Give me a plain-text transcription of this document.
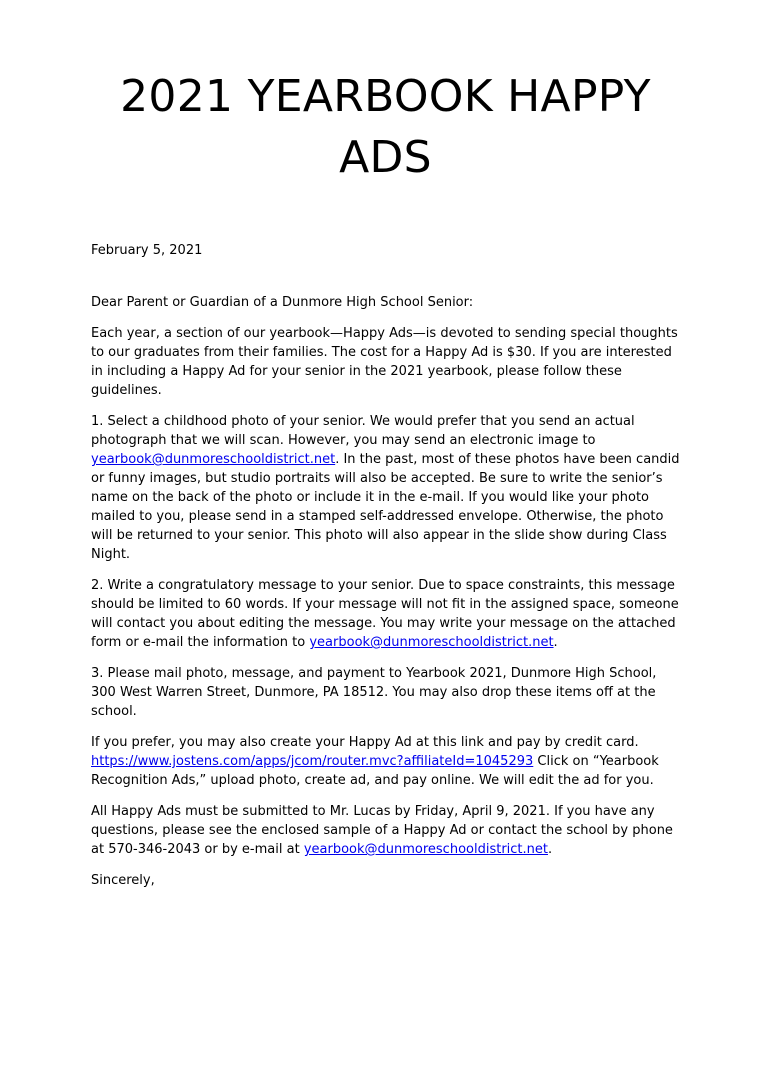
2021 YEARBOOK HAPPY ADS

February 5, 2021

Dear Parent or Guardian of a Dunmore High School Senior:

Each year, a section of our yearbook—Happy Ads—is devoted to sending special thoughts to our graduates from their families. The cost for a Happy Ad is $30. If you are interested in including a Happy Ad for your senior in the 2021 yearbook, please follow these guidelines.

1. Select a childhood photo of your senior. We would prefer that you send an actual photograph that we will scan. However, you may send an electronic image to yearbook@dunmoreschooldistrict.net. In the past, most of these photos have been candid or funny images, but studio portraits will also be accepted. Be sure to write the senior’s name on the back of the photo or include it in the e-mail. If you would like your photo mailed to you, please send in a stamped self-addressed envelope. Otherwise, the photo will be returned to your senior. This photo will also appear in the slide show during Class Night.

2. Write a congratulatory message to your senior. Due to space constraints, this message should be limited to 60 words. If your message will not fit in the assigned space, someone will contact you about editing the message. You may write your message on the attached form or e-mail the information to yearbook@dunmoreschooldistrict.net.

3. Please mail photo, message, and payment to Yearbook 2021, Dunmore High School, 300 West Warren Street, Dunmore, PA 18512. You may also drop these items off at the school.

If you prefer, you may also create your Happy Ad at this link and pay by credit card. https://www.jostens.com/apps/jcom/router.mvc?affiliateId=1045293 Click on “Yearbook Recognition Ads,” upload photo, create ad, and pay online. We will edit the ad for you.

All Happy Ads must be submitted to Mr. Lucas by Friday, April 9, 2021. If you have any questions, please see the enclosed sample of a Happy Ad or contact the school by phone at 570-346-2043 or by e-mail at yearbook@dunmoreschooldistrict.net.

Sincerely,
